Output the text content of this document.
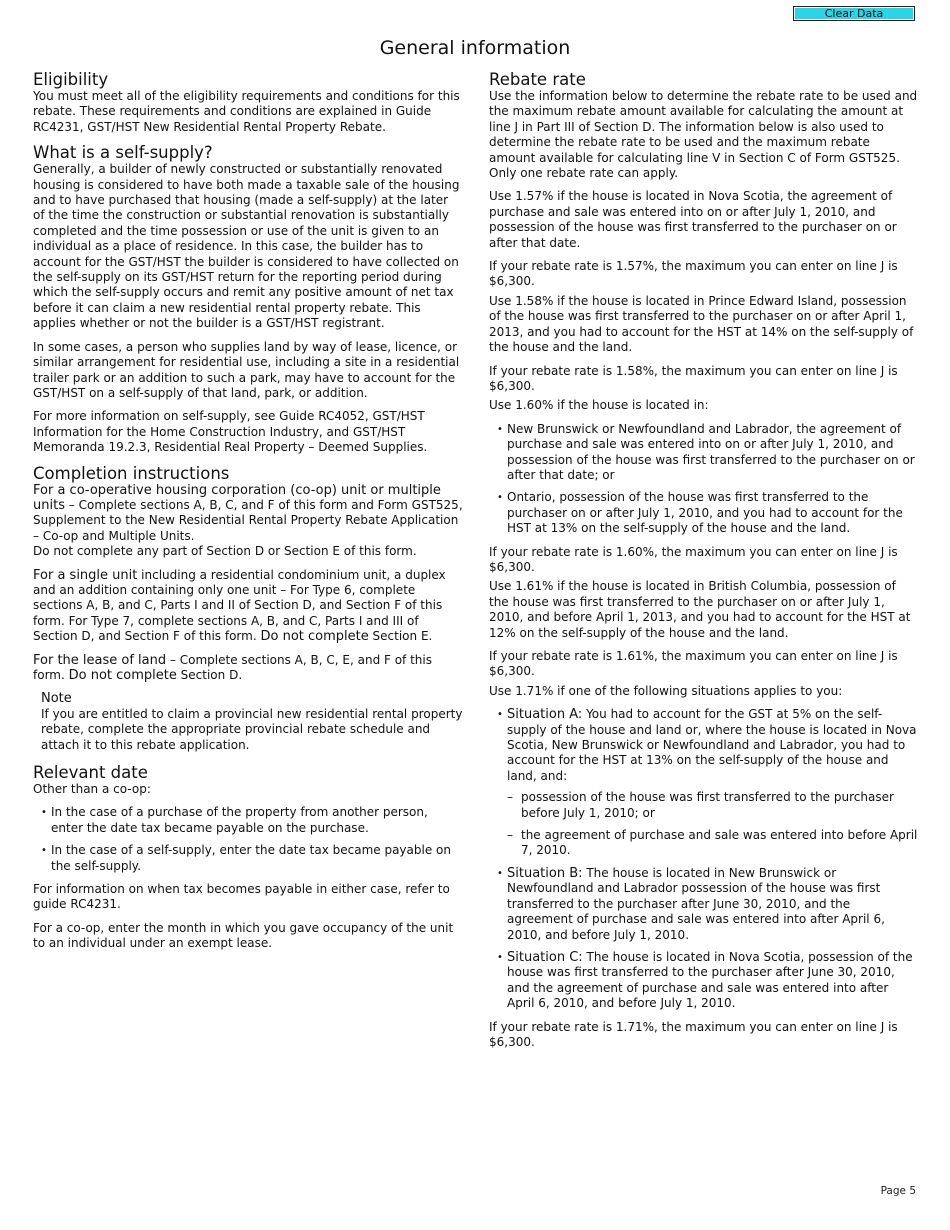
Clear Data
General information
Eligibility

You must meet all of the eligibility requirements and conditions for this rebate. These requirements and conditions are explained in Guide RC4231, GST/HST New Residential Rental Property Rebate.

What is a self-supply?

Generally, a builder of newly constructed or substantially renovated housing is considered to have both made a taxable sale of the housing and to have purchased that housing (made a self-supply) at the later of the time the construction or substantial renovation is substantially completed and the time possession or use of the unit is given to an individual as a place of residence. In this case, the builder has to account for the GST/HST the builder is considered to have collected on the self-supply on its GST/HST return for the reporting period during which the self-supply occurs and remit any positive amount of net tax before it can claim a new residential rental property rebate. This applies whether or not the builder is a GST/HST registrant.

In some cases, a person who supplies land by way of lease, licence, or similar arrangement for residential use, including a site in a residential trailer park or an addition to such a park, may have to account for the GST/HST on a self-supply of that land, park, or addition.

For more information on self-supply, see Guide RC4052, GST/HST Information for the Home Construction Industry, and GST/HST Memoranda 19.2.3, Residential Real Property – Deemed Supplies.

Completion instructions

For a co-operative housing corporation (co-op) unit or multiple units – Complete sections A, B, C, and F of this form and Form GST525, Supplement to the New Residential Rental Property Rebate Application – Co-op and Multiple Units.

Do not complete any part of Section D or Section E of this form.

For a single unit including a residential condominium unit, a duplex and an addition containing only one unit – For Type 6, complete sections A, B, and C, Parts I and II of Section D, and Section F of this form. For Type 7, complete sections A, B, and C, Parts I and III of Section D, and Section F of this form. Do not complete Section E.

For the lease of land – Complete sections A, B, C, E, and F of this form. Do not complete Section D.

Note
If you are entitled to claim a provincial new residential rental property rebate, complete the appropriate provincial rebate schedule and attach it to this rebate application.
Relevant date

Other than a co-op:

• In the case of a purchase of the property from another person, enter the date tax became payable on the purchase.
• In the case of a self-supply, enter the date tax became payable on the self-supply.

For information on when tax becomes payable in either case, refer to guide RC4231.

For a co-op, enter the month in which you gave occupancy of the unit to an individual under an exempt lease.

Rebate rate

Use the information below to determine the rebate rate to be used and the maximum rebate amount available for calculating the amount at line J in Part III of Section D. The information below is also used to determine the rebate rate to be used and the maximum rebate amount available for calculating line V in Section C of Form GST525. Only one rebate rate can apply.

Use 1.57% if the house is located in Nova Scotia, the agreement of purchase and sale was entered into on or after July 1, 2010, and possession of the house was first transferred to the purchaser on or after that date.

If your rebate rate is 1.57%, the maximum you can enter on line J is $6,300.

Use 1.58% if the house is located in Prince Edward Island, possession of the house was first transferred to the purchaser on or after April 1, 2013, and you had to account for the HST at 14% on the self-supply of the house and the land.

If your rebate rate is 1.58%, the maximum you can enter on line J is $6,300.

Use 1.60% if the house is located in:

• New Brunswick or Newfoundland and Labrador, the agreement of purchase and sale was entered into on or after July 1, 2010, and possession of the house was first transferred to the purchaser on or after that date; or
• Ontario, possession of the house was first transferred to the purchaser on or after July 1, 2010, and you had to account for the HST at 13% on the self-supply of the house and the land.

If your rebate rate is 1.60%, the maximum you can enter on line J is $6,300.

Use 1.61% if the house is located in British Columbia, possession of the house was first transferred to the purchaser on or after July 1, 2010, and before April 1, 2013, and you had to account for the HST at 12% on the self-supply of the house and the land.

If your rebate rate is 1.61%, the maximum you can enter on line J is $6,300.

Use 1.71% if one of the following situations applies to you:

• Situation A: You had to account for the GST at 5% on the self-supply of the house and land or, where the house is located in Nova Scotia, New Brunswick or Newfoundland and Labrador, you had to account for the HST at 13% on the self-supply of the house and land, and:
– possession of the house was first transferred to the purchaser before July 1, 2010; or
– the agreement of purchase and sale was entered into before April 7, 2010.
• Situation B: The house is located in New Brunswick or Newfoundland and Labrador possession of the house was first transferred to the purchaser after June 30, 2010, and the agreement of purchase and sale was entered into after April 6, 2010, and before July 1, 2010.
• Situation C: The house is located in Nova Scotia, possession of the house was first transferred to the purchaser after June 30, 2010, and the agreement of purchase and sale was entered into after April 6, 2010, and before July 1, 2010.

If your rebate rate is 1.71%, the maximum you can enter on line J is $6,300.

Page 5
